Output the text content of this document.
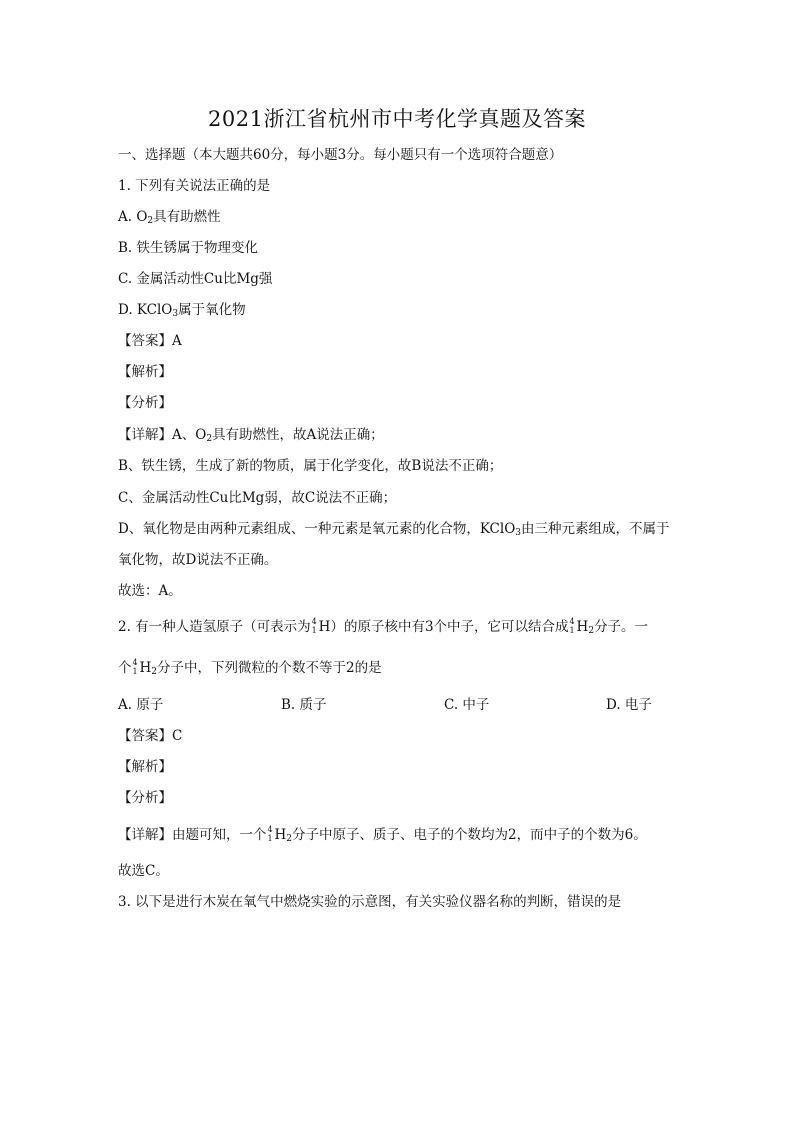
2021浙江省杭州市中考化学真题及答案
一、选择题（本大题共60分，每小题3分。每小题只有一个选项符合题意）
1. 下列有关说法正确的是
A. $O_2$具有助燃性
B. 铁生锈属于物理变化
C. 金属活动性Cu比Mg强
D. KClO$_3$属于氧化物
【答案】A
【解析】
【分析】
【详解】A、$O_2$具有助燃性，故A说法正确；
B、铁生锈，生成了新的物质，属于化学变化，故B说法不正确；
C、金属活动性Cu比Mg弱，故C说法不正确；
D、氧化物是由两种元素组成、一种元素是氧元素的化合物，KClO$_3$由三种元素组成，不属于
氧化物，故D说法不正确。
故选：A。
2. 有一种人造氢原子（可表示为 4
1 H）的原子核中有3个中子，它可以结合成 4
1 $H_2$分子。一
个 4
1 $H_2$分子中，下列微粒的个数不等于2的是
A. 原子	B. 质子	C. 中子	D. 电子
【答案】C
【解析】
【分析】
【详解】由题可知，一个 4
1 $H_2$分子中原子、质子、电子的个数均为2，而中子的个数为6。
故选C。
3. 以下是进行木炭在氧气中燃烧实验的示意图，有关实验仪器名称的判断，错误的是
